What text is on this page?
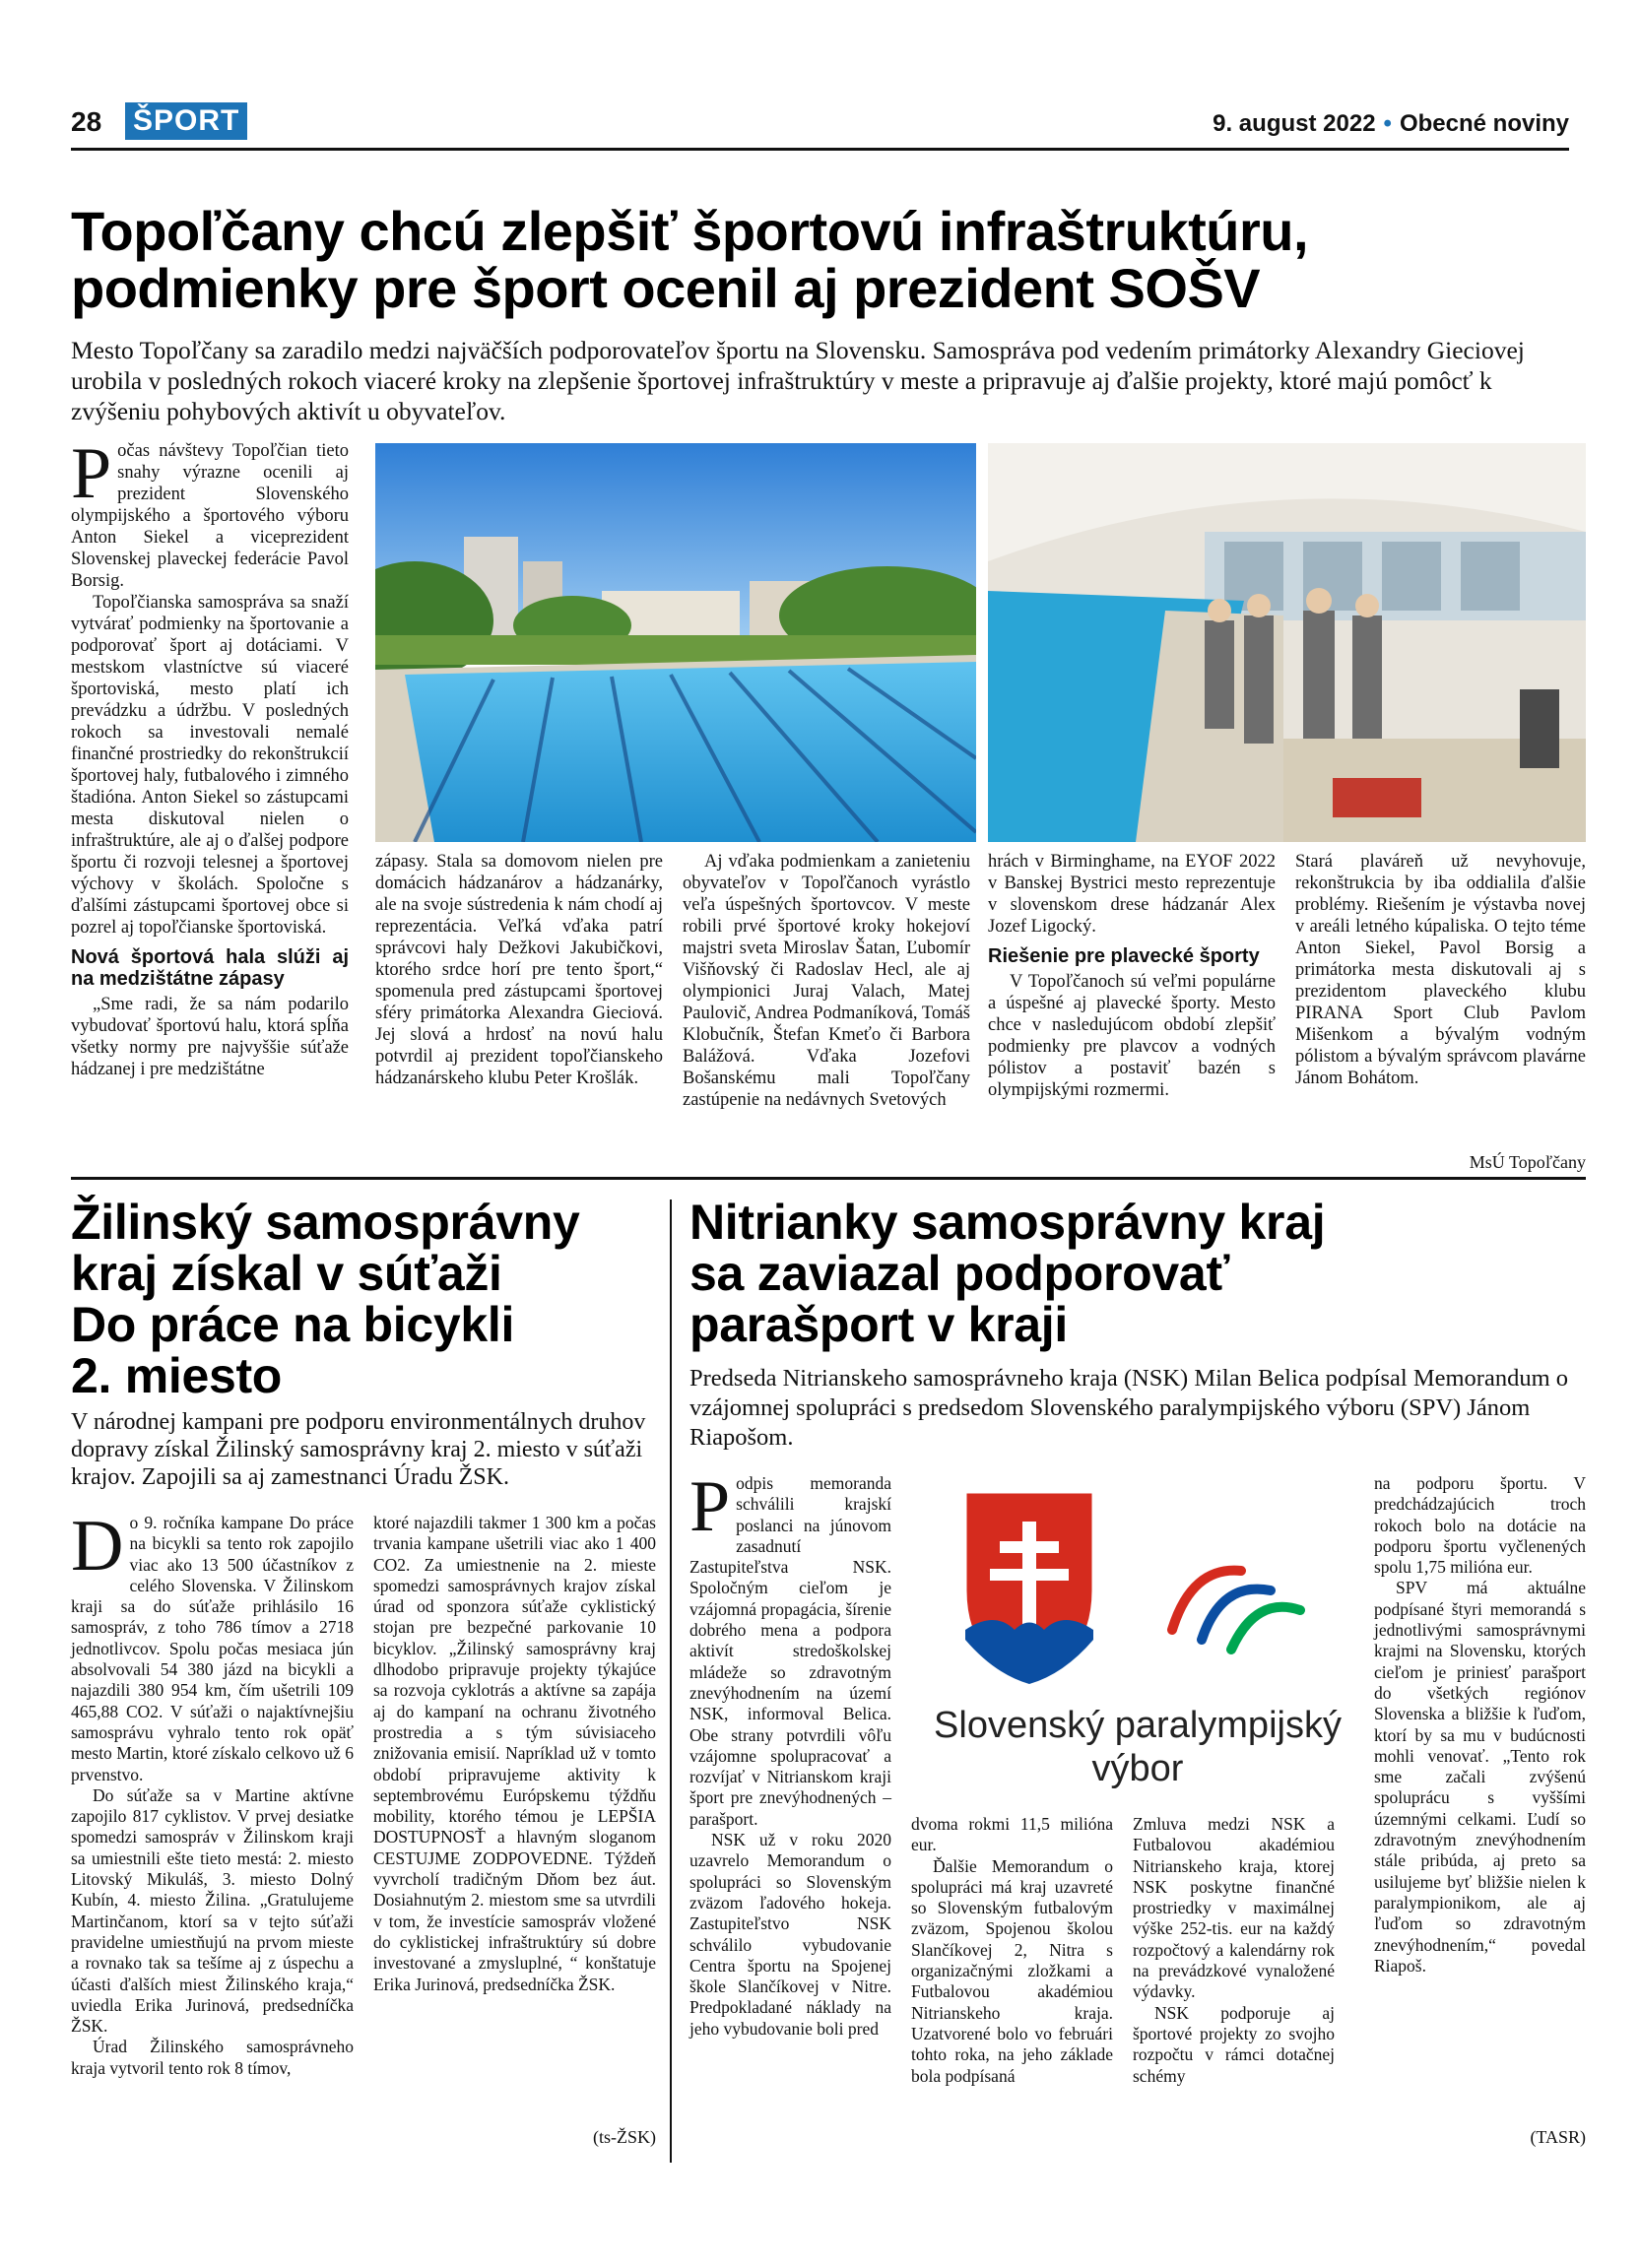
28 ŠPORT	9. august 2022 • Obecné noviny
Topoľčany chcú zlepšiť športovú infraštruktúru,
podmienky pre šport ocenil aj prezident SOŠV
Mesto Topoľčany sa zaradilo medzi najväčších podporovateľov športu na Slovensku. Samospráva pod vedením primátorky Alexandry Gieciovej urobila v posledných rokoch viaceré kroky na zlepšenie športovej infraštruktúry v meste a pripravuje aj ďalšie projekty, ktoré majú pomôcť k zvýšeniu pohybových aktivít u obyvateľov.

Počas návštevy Topoľčian tieto snahy výrazne ocenili aj prezident Slovenského olympijského a športového výboru Anton Siekel a viceprezident Slovenskej plaveckej federácie Pavol Borsig.

Topoľčianska samospráva sa snaží vytvárať podmienky na športovanie a podporovať šport aj dotáciami. V mestskom vlastníctve sú viaceré športoviská, mesto platí ich prevádzku a údržbu. V posledných rokoch sa investovali nemalé finančné prostriedky do rekonštrukcií športovej haly, futbalového i zimného štadióna. Anton Siekel so zástupcami mesta diskutoval nielen o infraštruktúre, ale aj o ďalšej podpore športu či rozvoji telesnej a športovej výchovy v školách. Spoločne s ďalšími zástupcami športovej obce si pozrel aj topoľčianske športoviská.

Nová športová hala slúži aj na medzištátne zápasy

„Sme radi, že sa nám podarilo vybudovať športovú halu, ktorá spĺňa všetky normy pre najvyššie súťaže hádzanej i pre medzištátne

zápasy. Stala sa domovom nielen pre domácich hádzanárov a hádzanárky, ale na svoje sústredenia k nám chodí aj reprezentácia. Veľká vďaka patrí správcovi haly Dežkovi Jakubičkovi, ktorého srdce horí pre tento šport,“ spomenula pred zástupcami športovej sféry primátorka Alexandra Gieciová. Jej slová a hrdosť na novú halu potvrdil aj prezident topoľčianskeho hádzanárskeho klubu Peter Krošlák.

Aj vďaka podmienkam a zanieteniu obyvateľov v Topoľčanoch vyrástlo veľa úspešných športovcov. V meste robili prvé športové kroky hokejoví majstri sveta Miroslav Šatan, Ľubomír Višňovský či Radoslav Hecl, ale aj olympionici Juraj Valach, Matej Paulovič, Andrea Podmaníková, Tomáš Klobučník, Štefan Kmeťo či Barbora Balážová. Vďaka Jozefovi Bošanskému mali Topoľčany zastúpenie na nedávnych Svetových

hrách v Birminghame, na EYOF 2022 v Banskej Bystrici mesto reprezentuje v slovenskom drese hádzanár Alex Jozef Ligocký.

Riešenie pre plavecké športy

V Topoľčanoch sú veľmi populárne a úspešné aj plavecké športy. Mesto chce v nasledujúcom období zlepšiť podmienky pre plavcov a vodných pólistov a postaviť bazén s olympijskými rozmermi.

Stará plaváreň už nevyhovuje, rekonštrukcia by iba oddialila ďalšie problémy. Riešením je výstavba novej v areáli letného kúpaliska. O tejto téme Anton Siekel, Pavol Borsig a primátorka mesta diskutovali aj s prezidentom plaveckého klubu PIRANA Sport Club Pavlom Mišenkom a bývalým vodným pólistom a bývalým správcom plavárne Jánom Bohátom.

MsÚ Topoľčany
Žilinský samosprávny
kraj získal v súťaži
Do práce na bicykli
2. miesto
V národnej kampani pre podporu environmentálnych druhov dopravy získal Žilinský samosprávny kraj 2. miesto v súťaži krajov. Zapojili sa aj zamestnanci Úradu ŽSK.

Do 9. ročníka kampane Do práce na bicykli sa tento rok zapojilo viac ako 13 500 účastníkov z celého Slovenska. V Žilinskom kraji sa do súťaže prihlásilo 16 samospráv, z toho 786 tímov a 2718 jednotlivcov. Spolu počas mesiaca jún absolvovali 54 380 jázd na bicykli a najazdili 380 954 km, čím ušetrili 109 465,88 CO2. V súťaži o najaktívnejšiu samosprávu vyhralo tento rok opäť mesto Martin, ktoré získalo celkovo už 6 prvenstvo.

Do súťaže sa v Martine aktívne zapojilo 817 cyklistov. V prvej desiatke spomedzi samospráv v Žilinskom kraji sa umiestnili ešte tieto mestá: 2. miesto Litovský Mikuláš, 3. miesto Dolný Kubín, 4. miesto Žilina. „Gratulujeme Martinčanom, ktorí sa v tejto súťaži pravidelne umiestňujú na prvom mieste a rovnako tak sa tešíme aj z úspechu a účasti ďalších miest Žilinského kraja,“ uviedla Erika Jurinová, predsedníčka ŽSK.

Úrad Žilinského samosprávneho kraja vytvoril tento rok 8 tímov,

ktoré najazdili takmer 1 300 km a počas trvania kampane ušetrili viac ako 1 400 CO2. Za umiestnenie na 2. mieste spomedzi samosprávnych krajov získal úrad od sponzora súťaže cyklistický stojan pre bezpečné parkovanie 10 bicyklov. „Žilinský samosprávny kraj dlhodobo pripravuje projekty týkajúce sa rozvoja cyklotrás a aktívne sa zapája aj do kampaní na ochranu životného prostredia a s tým súvisiaceho znižovania emisií. Napríklad už v tomto období pripravujeme aktivity k septembrovému Európskemu týždňu mobility, ktorého témou je LEPŠIA DOSTUPNOSŤ a hlavným sloganom CESTUJME ZODPOVEDNE. Týždeň vyvrcholí tradičným Dňom bez áut. Dosiahnutým 2. miestom sme sa utvrdili v tom, že investície samospráv vložené do cyklistickej infraštruktúry sú dobre investované a zmysluplné, “ konštatuje Erika Jurinová, predsedníčka ŽSK.

(ts-ŽSK)
Nitrianky samosprávny kraj
sa zaviazal podporovať
parašport v kraji
Predseda Nitrianskeho samosprávneho kraja (NSK) Milan Belica podpísal Memorandum o vzájomnej spolupráci s predsedom Slovenského paralympijského výboru (SPV) Jánom Riapošom.

Podpis memoranda schválili krajskí poslanci na júnovom zasadnutí Zastupiteľstva NSK. Spoločným cieľom je vzájomná propagácia, šírenie dobrého mena a podpora aktivít stredoškolskej mládeže so zdravotným znevýhodnením na území NSK, informoval Belica. Obe strany potvrdili vôľu vzájomne spolupracovať a rozvíjať v Nitrianskom kraji šport pre znevýhodnených – parašport.

NSK už v roku 2020 uzavrelo Memorandum o spolupráci so Slovenským zväzom ľadového hokeja. Zastupiteľstvo NSK schválilo vybudovanie Centra športu na Spojenej škole Slančíkovej v Nitre. Predpokladané náklady na jeho vybudovanie boli pred

Slovenský paralympijský
výbor

dvoma rokmi 11,5 milióna eur.

Ďalšie Memorandum o spolupráci má kraj uzavreté so Slovenským futbalovým zväzom, Spojenou školou Slančíkovej 2, Nitra s organizačnými zložkami a Futbalovou akadémiou Nitrianskeho kraja. Uzatvorené bolo vo februári tohto roka, na jeho základe bola podpísaná

Zmluva medzi NSK a Futbalovou akadémiou Nitrianskeho kraja, ktorej NSK poskytne finančné prostriedky v maximálnej výške 252-tis. eur na každý rozpočtový a kalendárny rok na prevádzkové vynaložené výdavky.

NSK podporuje aj športové projekty zo svojho rozpočtu v rámci dotačnej schémy

na podporu športu. V predchádzajúcich troch rokoch bolo na dotácie na podporu športu vyčlenených spolu 1,75 milióna eur.

SPV má aktuálne podpísané štyri memorandá s jednotlivými samosprávnymi krajmi na Slovensku, ktorých cieľom je priniesť parašport do všetkých regiónov Slovenska a bližšie k ľuďom, ktorí by sa mu v budúcnosti mohli venovať. „Tento rok sme začali zvýšenú spoluprácu s vyššími územnými celkami. Ľudí so zdravotným znevýhodnením stále pribúda, aj preto sa usilujeme byť bližšie nielen k paralympionikom, ale aj ľuďom so zdravotným znevýhodnením,“ povedal Riapoš.

(TASR)
